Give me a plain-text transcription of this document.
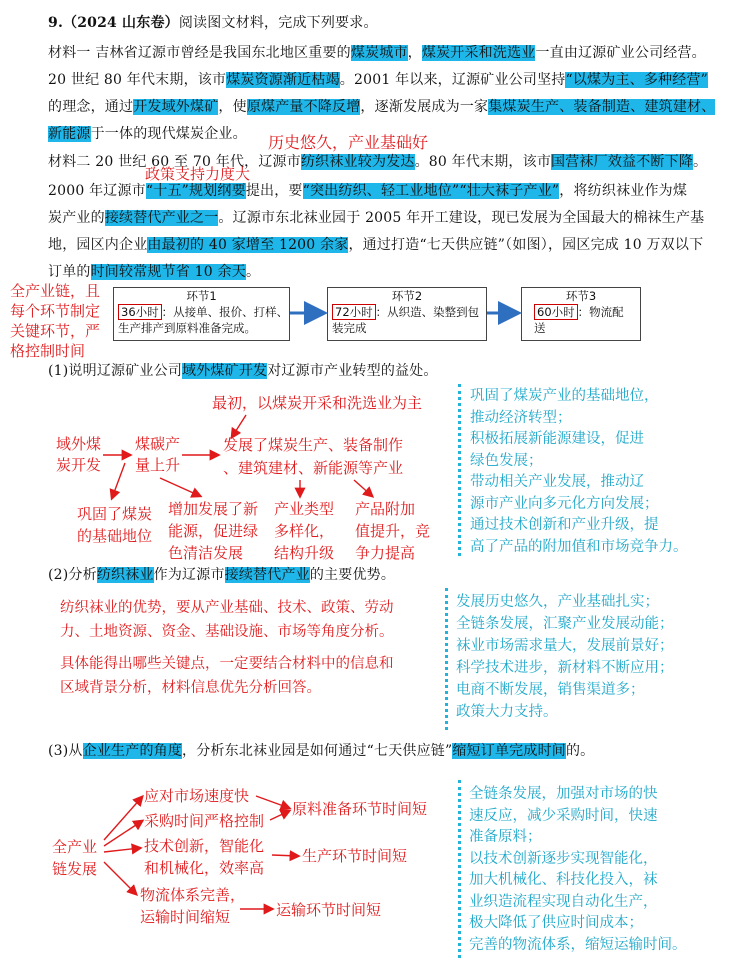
9.（2024 山东卷）阅读图文材料，完成下列要求。
材料一 吉林省辽源市曾经是我国东北地区重要的煤炭城市，煤炭开采和洗选业一直由辽源矿业公司经营。
20 世纪 80 年代末期，该市煤炭资源渐近枯竭。2001 年以来，辽源矿业公司坚持“以煤为主、多种经营”
的理念，通过开发域外煤矿，使原煤产量不降反增，逐渐发展成为一家集煤炭生产、装备制造、建筑建材、
新能源于一体的现代煤炭企业。 历史悠久，产业基础好
材料二 20 世纪 60 至 70 年代，辽源市纺织袜业较为发达。80 年代末期，该市国营袜厂效益不断下降。
政策支持力度大
2000 年辽源市“十五”规划纲要提出，要“突出纺织、轻工业地位”“壮大袜子产业”，将纺织袜业作为煤
炭产业的接续替代产业之一。辽源市东北袜业园于 2005 年开工建设，现已发展为全国最大的棉袜生产基
地，园区内企业由最初的 40 家增至 1200 余家，通过打造“七天供应链”（如图），园区完成 10 万双以下
订单的时间较常规节省 10 余天。
全产业链，且
每个环节制定
关键环节，严
格控制时间
环节1
36小时 ：从接单、报价、打样、
生产排产到原料准备完成。
环节2
72小时 ：从织造、染整到包
装完成
环节3
60小时 ：物流配
送
(1)说明辽源矿业公司域外煤矿开发对辽源市产业转型的益处。
最初，以煤炭开采和洗选业为主
域外煤
炭开发
煤碳产
量上升
发展了煤炭生产、装备制作
、建筑建材、新能源等产业
巩固了煤炭
的基础地位
增加发展了新
能源，促进绿
色清洁发展
产业类型
多样化，
结构升级
产品附加
值提升，竞
争力提高
巩固了煤炭产业的基础地位，
推动经济转型；
积极拓展新能源建设，促进
绿色发展；
带动相关产业发展，推动辽
源市产业向多元化方向发展；
通过技术创新和产业升级，提
高了产品的附加值和市场竞争力。
(2)分析纺织袜业作为辽源市接续替代产业的主要优势。
纺织袜业的优势，要从产业基础、技术、政策、劳动
力、土地资源、资金、基础设施、市场等角度分析。
具体能得出哪些关键点，一定要结合材料中的信息和
区域背景分析，材料信息优先分析回答。
发展历史悠久，产业基础扎实；
全链条发展，汇聚产业发展动能；
袜业市场需求量大，发展前景好；
科学技术进步，新材料不断应用；
电商不断发展，销售渠道多；
政策大力支持。
(3)从企业生产的角度，分析东北袜业园是如何通过“七天供应链”缩短订单完成时间的。
全产业
链发展
应对市场速度快
采购时间严格控制
原料准备环节时间短
技术创新，智能化
和机械化，效率高
生产环节时间短
物流体系完善，
运输时间缩短	运输环节时间短
全链条发展，加强对市场的快
速反应，减少采购时间，快速
准备原料；
以技术创新逐步实现智能化，
加大机械化、科技化投入，袜
业织造流程实现自动化生产，
极大降低了供应时间成本；
完善的物流体系，缩短运输时间。
